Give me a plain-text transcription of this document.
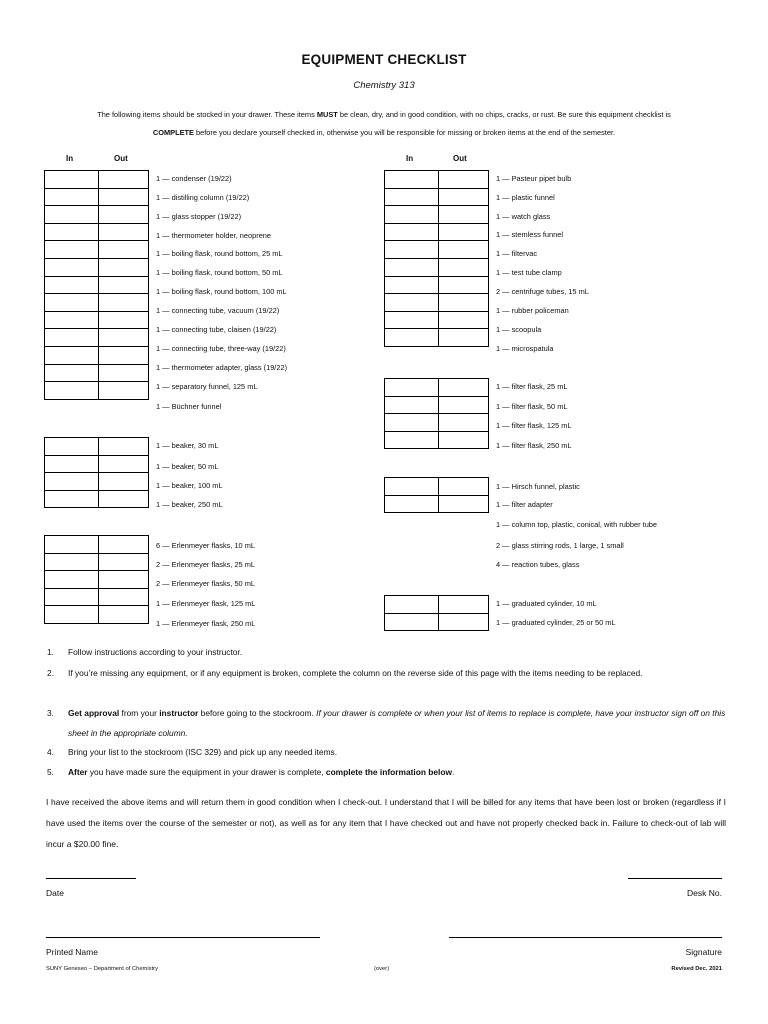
EQUIPMENT CHECKLIST
Chemistry 313
The following items should be stocked in your drawer. These items MUST be clean, dry, and in good condition, with no chips, cracks, or rust. Be sure this equipment checklist is
COMPLETE before you declare yourself checked in, otherwise you will be responsible for missing or broken items at the end of the semester.
In	Out	In	Out

1 — condenser (19/22)
1 — distilling column (19/22)
1 — glass stopper (19/22)
1 — thermometer holder, neoprene
1 — boiling flask, round bottom, 25 mL
1 — boiling flask, round bottom, 50 mL
1 — boiling flask, round bottom, 100 mL
1 — connecting tube, vacuum (19/22)
1 — connecting tube, claisen (19/22)
1 — connecting tube, three-way (19/22)
1 — thermometer adapter, glass (19/22)
1 — separatory funnel, 125 mL
1 — Büchner funnel
1 — beaker, 30 mL
1 — beaker, 50 mL
1 — beaker, 100 mL
1 — beaker, 250 mL
6 — Erlenmeyer flasks, 10 mL
2 — Erlenmeyer flasks, 25 mL
2 — Erlenmeyer flasks, 50 mL
1 — Erlenmeyer flask, 125 mL
1 — Erlenmeyer flask, 250 mL
1 — Pasteur pipet bulb
1 — plastic funnel
1 — watch glass
1 — stemless funnel
1 — filtervac
1 — test tube clamp
2 — centrifuge tubes, 15 mL
1 — rubber policeman
1 — scoopula
1 — microspatula
1 — filter flask, 25 mL
1 — filter flask, 50 mL
1 — filter flask, 125 mL
1 — filter flask, 250 mL
1 — Hirsch funnel, plastic
1 — filter adapter
1 — column top, plastic, conical, with rubber tube
2 — glass stirring rods, 1 large, 1 small
4 — reaction tubes, glass
1 — graduated cylinder, 10 mL
1 — graduated cylinder, 25 or 50 mL
1. Follow instructions according to your instructor.
2. If you’re missing any equipment, or if any equipment is broken, complete the column on the reverse side of this page with the items needing to be replaced.
3. Get approval from your instructor before going to the stockroom. If your drawer is complete or when your list of items to replace is complete, have your instructor sign off on this sheet in the appropriate column.
4. Bring your list to the stockroom (ISC 329) and pick up any needed items.
5. After you have made sure the equipment in your drawer is complete, complete the information below.
I have received the above items and will return them in good condition when I check-out. I understand that I will be billed for any items that have been lost or broken (regardless if I have used the items over the course of the semester or not), as well as for any item that I have checked out and have not properly checked back in. Failure to check-out of lab will incur a $20.00 fine.
Date	Desk No.
Printed Name	Signature
SUNY Geneseo – Department of Chemistry	(over)	Revised Dec. 2021
